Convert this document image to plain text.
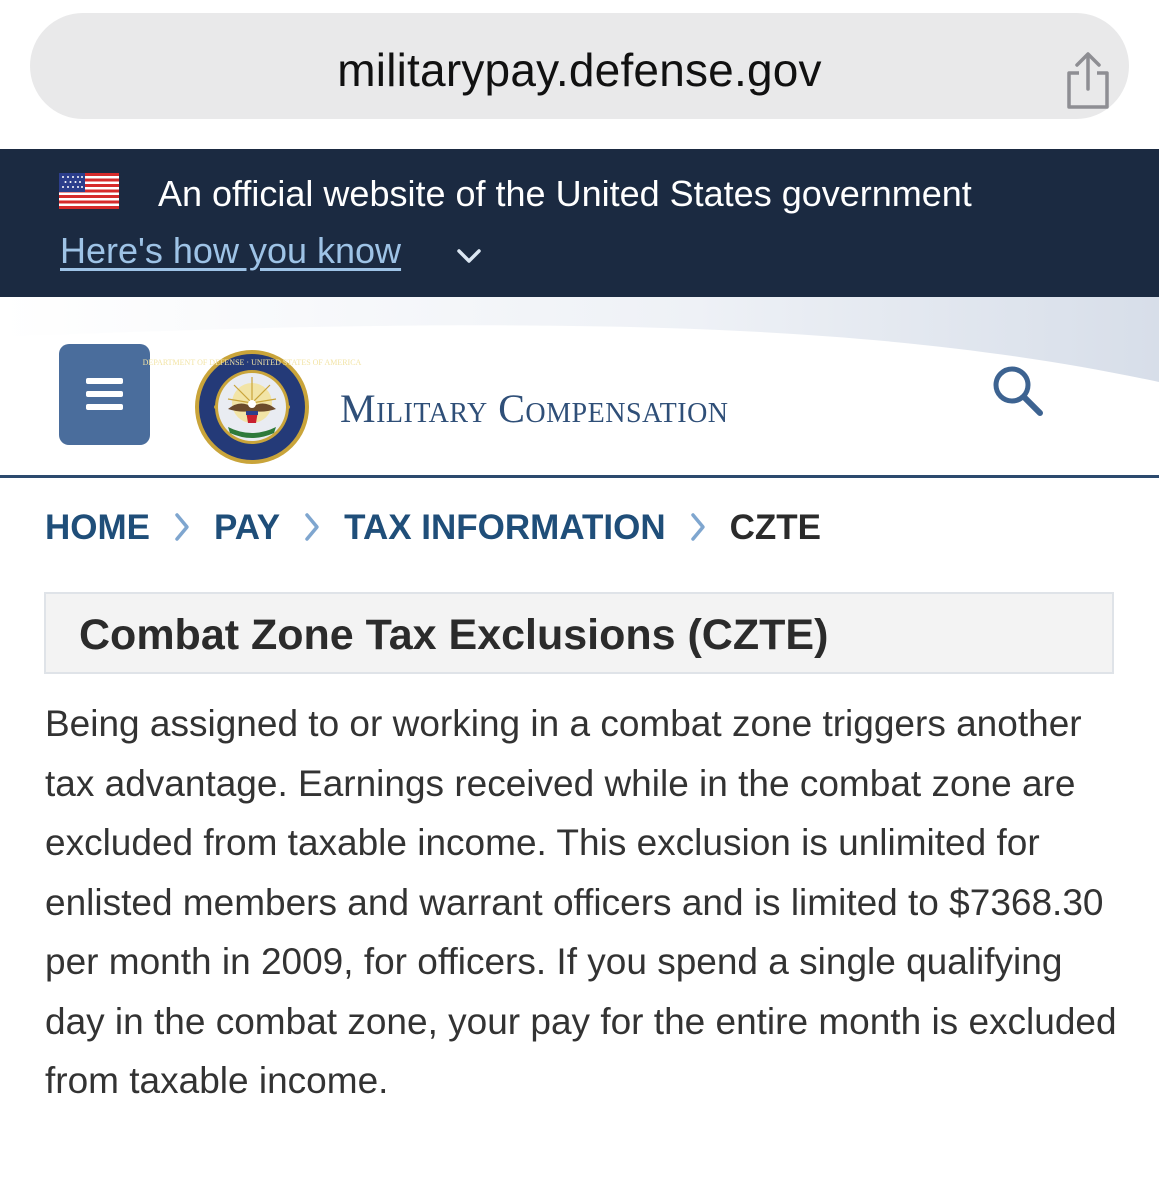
militarypay.defense.gov
An official website of the United States government
Here's how you know
DEPARTMENT OF DEFENSE · UNITED STATES OF AMERICA
Military Compensation
HOME PAY TAX INFORMATION CZTE
Combat Zone Tax Exclusions (CZTE)

Being assigned to or working in a combat zone triggers another tax advantage. Earnings received while in the combat zone are excluded from taxable income. This exclusion is unlimited for enlisted members and warrant officers and is limited to $7368.30 per month in 2009, for officers. If you spend a single qualifying day in the combat zone, your pay for the entire month is excluded from taxable income.
